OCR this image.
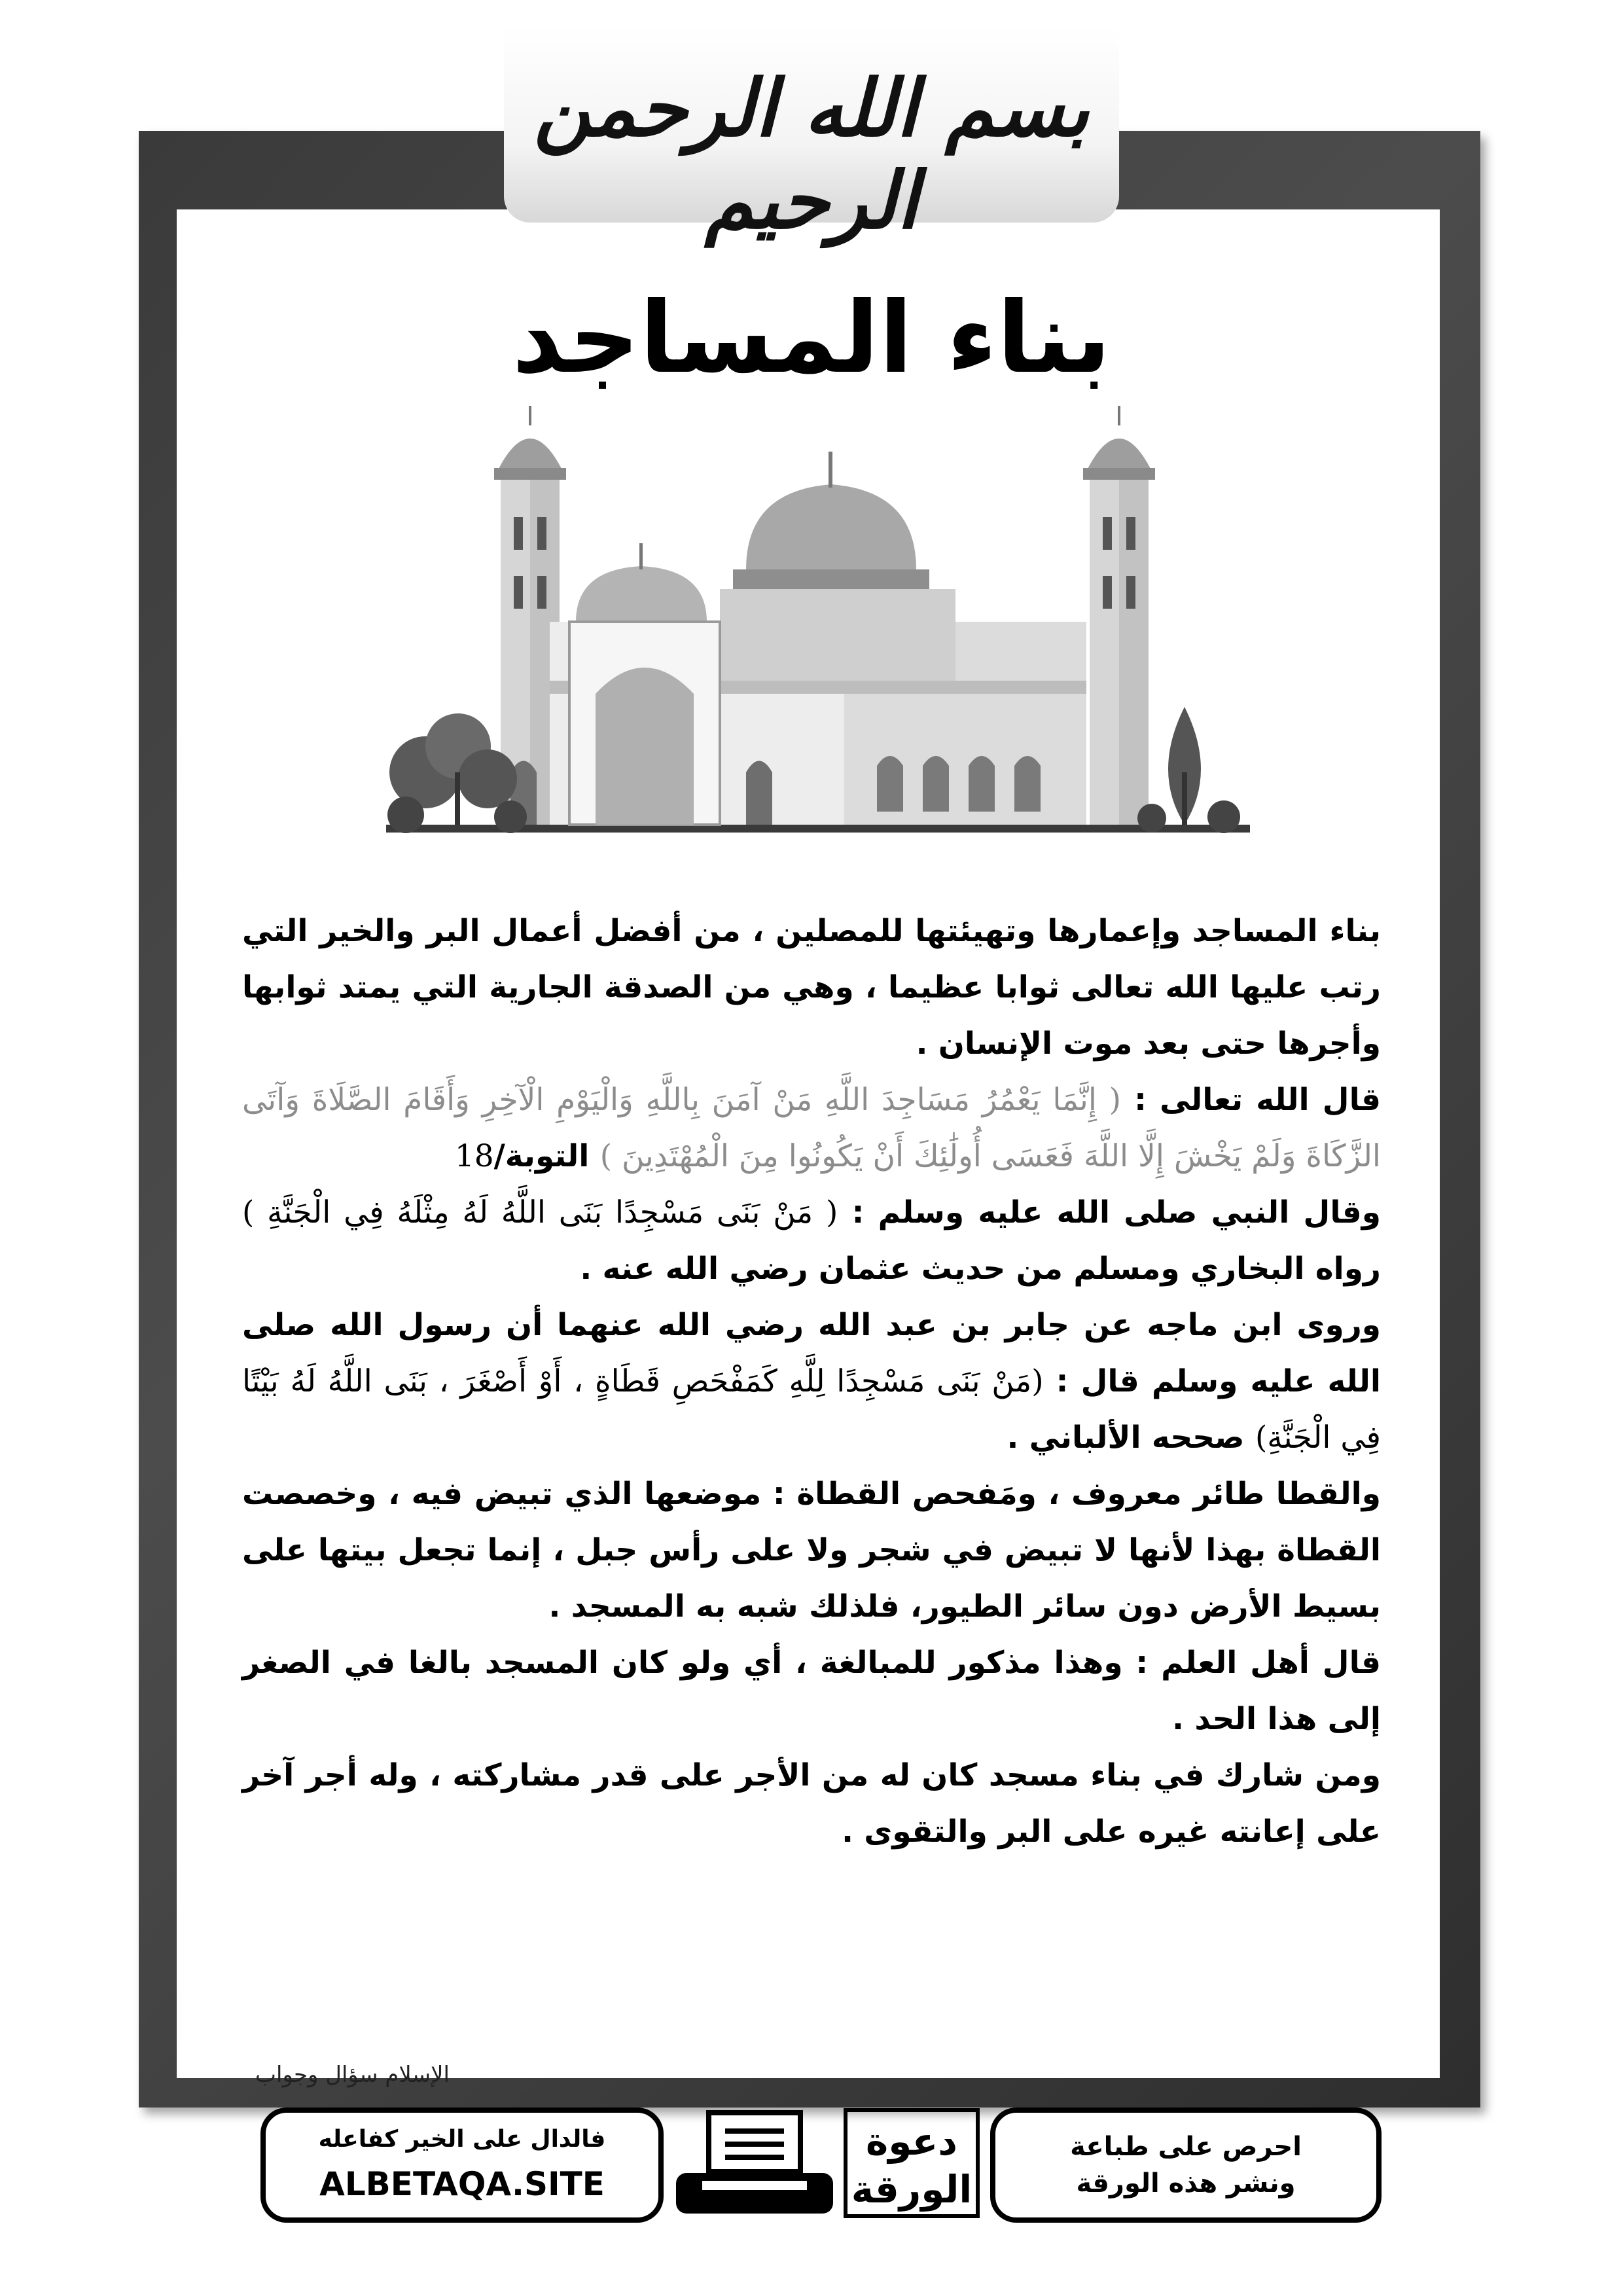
بسم الله الرحمن الرحيم
بناء المساجد

بناء المساجد وإعمارها وتهيئتها للمصلين ، من أفضل أعمال البر والخير التي رتب عليها الله تعالى ثوابا عظيما ، وهي من الصدقة الجارية التي يمتد ثوابها وأجرها حتى بعد موت الإنسان .

قال الله تعالى : ( إِنَّمَا يَعْمُرُ مَسَاجِدَ اللَّهِ مَنْ آمَنَ بِاللَّهِ وَالْيَوْمِ الْآخِرِ وَأَقَامَ الصَّلَاةَ وَآتَى الزَّكَاةَ وَلَمْ يَخْشَ إِلَّا اللَّهَ فَعَسَى أُولَٰئِكَ أَنْ يَكُونُوا مِنَ الْمُهْتَدِينَ ) التوبة/18

وقال النبي صلى الله عليه وسلم : ( مَنْ بَنَى مَسْجِدًا بَنَى اللَّهُ لَهُ مِثْلَهُ فِي الْجَنَّةِ ) رواه البخاري ومسلم من حديث عثمان رضي الله عنه .

وروى ابن ماجه عن جابر بن عبد الله رضي الله عنهما أن رسول الله صلى الله عليه وسلم قال : (مَنْ بَنَى مَسْجِدًا لِلَّهِ كَمَفْحَصِ قَطَاةٍ ، أَوْ أَصْغَرَ ، بَنَى اللَّهُ لَهُ بَيْتًا فِي الْجَنَّةِ) صححه الألباني .

والقطا طائر معروف ، ومَفحص القطاة : موضعها الذي تبيض فيه ، وخصصت القطاة بهذا لأنها لا تبيض في شجر ولا على رأس جبل ، إنما تجعل بيتها على بسيط الأرض دون سائر الطيور، فلذلك شبه به المسجد .

قال أهل العلم : وهذا مذكور للمبالغة ، أي ولو كان المسجد بالغا في الصغر إلى هذا الحد .

ومن شارك في بناء مسجد كان له من الأجر على قدر مشاركته ، وله أجر آخر على إعانته غيره على البر والتقوى .

الإسلام سؤال وجواب
فالدال على الخير كفاعله
ALBETAQA.SITE
دعوة
الورقة
احرص على طباعة
ونشر هذه الورقة
